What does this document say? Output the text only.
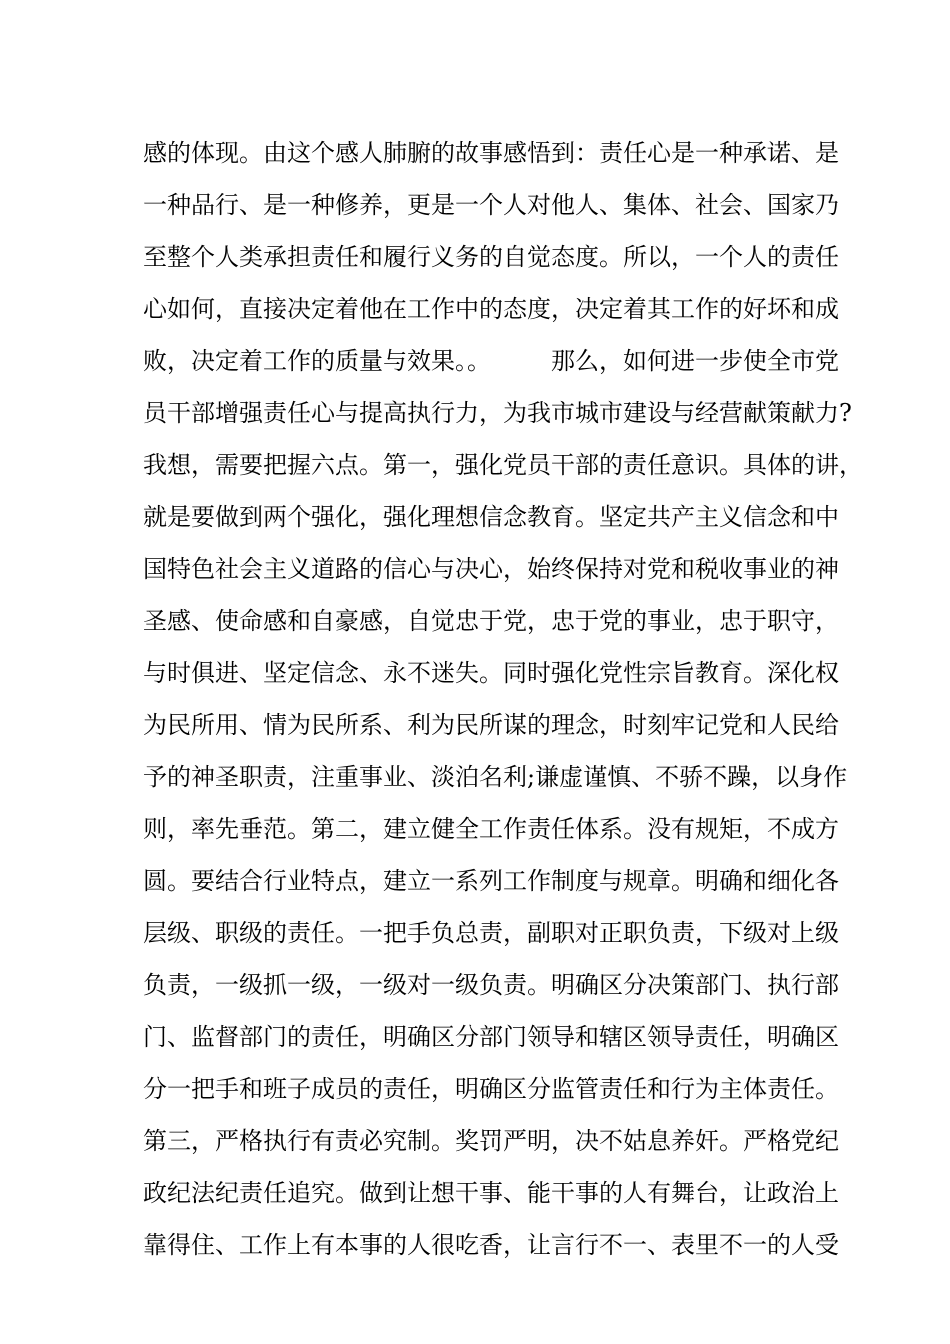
感的体现。由这个感人肺腑的故事感悟到：责任心是一种承诺、是
一种品行、是一种修养，更是一个人对他人、集体、社会、国家乃
至整个人类承担责任和履行义务的自觉态度。所以，一个人的责任
心如何，直接决定着他在工作中的态度，决定着其工作的好坏和成
败，决定着工作的质量与效果。。　　　那么，如何进一步使全市党
员干部增强责任心与提高执行力，为我市城市建设与经营献策献力?
我想，需要把握六点。第一，强化党员干部的责任意识。具体的讲，
就是要做到两个强化，强化理想信念教育。坚定共产主义信念和中
国特色社会主义道路的信心与决心，始终保持对党和税收事业的神
圣感、使命感和自豪感，自觉忠于党，忠于党的事业，忠于职守，
与时俱进、坚定信念、永不迷失。同时强化党性宗旨教育。深化权
为民所用、情为民所系、利为民所谋的理念，时刻牢记党和人民给
予的神圣职责，注重事业、淡泊名利;谦虚谨慎、不骄不躁，以身作
则，率先垂范。第二，建立健全工作责任体系。没有规矩，不成方
圆。要结合行业特点，建立一系列工作制度与规章。明确和细化各
层级、职级的责任。一把手负总责，副职对正职负责，下级对上级
负责，一级抓一级，一级对一级负责。明确区分决策部门、执行部
门、监督部门的责任，明确区分部门领导和辖区领导责任，明确区
分一把手和班子成员的责任，明确区分监管责任和行为主体责任。
第三，严格执行有责必究制。奖罚严明，决不姑息养奸。严格党纪
政纪法纪责任追究。做到让想干事、能干事的人有舞台，让政治上
靠得住、工作上有本事的人很吃香，让言行不一、表里不一的人受
